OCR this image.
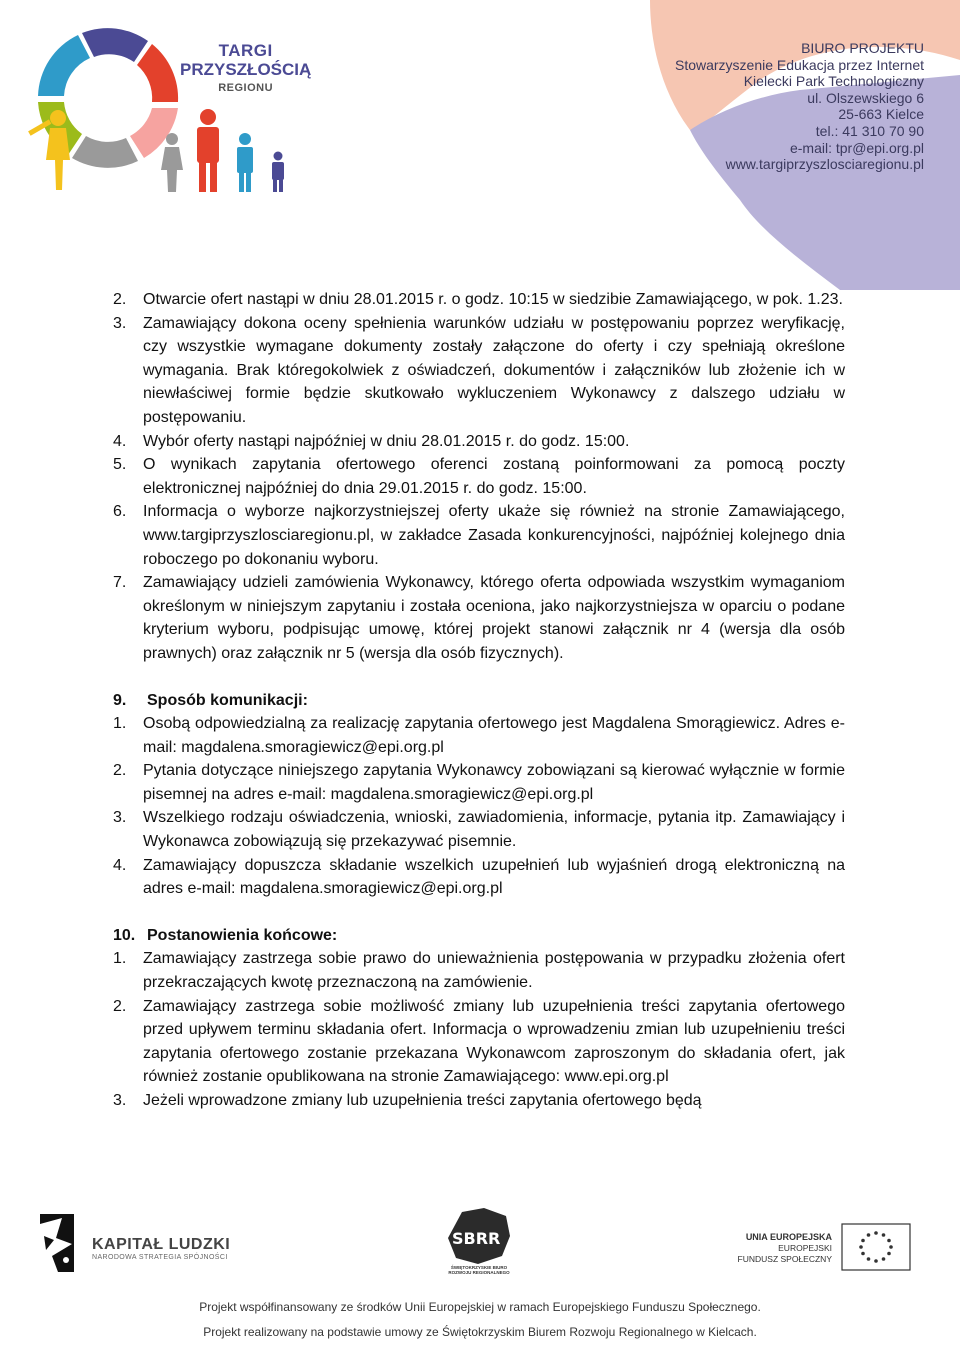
TARGI
PRZYSZŁOŚCIĄ
REGIONU
BIURO PROJEKTU
Stowarzyszenie Edukacja przez Internet
Kielecki Park Technologiczny
ul. Olszewskiego 6
25-663 Kielce
tel.: 41 310 70 90
e-mail: tpr@epi.org.pl
www.targiprzyszlosciaregionu.pl
2. Otwarcie ofert nastąpi w dniu 28.01.2015 r. o godz. 10:15 w siedzibie Zamawiającego, w pok. 1.23.
3. Zamawiający dokona oceny spełnienia warunków udziału w postępowaniu poprzez weryfikację, czy wszystkie wymagane dokumenty zostały załączone do oferty i czy spełniają określone wymagania. Brak któregokolwiek z oświadczeń, dokumentów i załączników lub złożenie ich w niewłaściwej formie będzie skutkowało wykluczeniem Wykonawcy z dalszego udziału w postępowaniu.
4. Wybór oferty nastąpi najpóźniej w dniu 28.01.2015 r. do godz. 15:00.
5. O wynikach zapytania ofertowego oferenci zostaną poinformowani za pomocą poczty elektronicznej najpóźniej do dnia 29.01.2015 r. do godz. 15:00.
6. Informacja o wyborze najkorzystniejszej oferty ukaże się również na stronie Zamawiającego, www.targiprzyszlosciaregionu.pl, w zakładce Zasada konkurencyjności, najpóźniej kolejnego dnia roboczego po dokonaniu wyboru.
7. Zamawiający udzieli zamówienia Wykonawcy, którego oferta odpowiada wszystkim wymaganiom określonym w niniejszym zapytaniu i została oceniona, jako najkorzystniejsza w oparciu o podane kryterium wyboru, podpisując umowę, której projekt stanowi załącznik nr 4 (wersja dla osób prawnych) oraz załącznik nr 5 (wersja dla osób fizycznych).
9. Sposób komunikacji:
1. Osobą odpowiedzialną za realizację zapytania ofertowego jest Magdalena Smorągiewicz. Adres e-mail: magdalena.smoragiewicz@epi.org.pl
2. Pytania dotyczące niniejszego zapytania Wykonawcy zobowiązani są kierować wyłącznie w formie pisemnej na adres e-mail: magdalena.smoragiewicz@epi.org.pl
3. Wszelkiego rodzaju oświadczenia, wnioski, zawiadomienia, informacje, pytania itp. Zamawiający i Wykonawca zobowiązują się przekazywać pisemnie.
4. Zamawiający dopuszcza składanie wszelkich uzupełnień lub wyjaśnień drogą elektroniczną na adres e-mail: magdalena.smoragiewicz@epi.org.pl
10. Postanowienia końcowe:
1. Zamawiający zastrzega sobie prawo do unieważnienia postępowania w przypadku złożenia ofert przekraczających kwotę przeznaczoną na zamówienie.
2. Zamawiający zastrzega sobie możliwość zmiany lub uzupełnienia treści zapytania ofertowego przed upływem terminu składania ofert. Informacja o wprowadzeniu zmian lub uzupełnieniu treści zapytania ofertowego zostanie przekazana Wykonawcom zaproszonym do składania ofert, jak również zostanie opublikowana na stronie Zamawiającego: www.epi.org.pl
3. Jeżeli wprowadzone zmiany lub uzupełnienia treści zapytania ofertowego będą
SBRR
KAPITAŁ LUDZKI
NARODOWA STRATEGIA SPÓJNOŚCI
ŚWIĘTOKRZYSKIE BIURO ROZWOJU REGIONALNEGO
UNIA EUROPEJSKA
EUROPEJSKI
FUNDUSZ SPOŁECZNY
Projekt współfinansowany ze środków Unii Europejskiej w ramach Europejskiego Funduszu Społecznego.
Projekt realizowany na podstawie umowy ze Świętokrzyskim Biurem Rozwoju Regionalnego w Kielcach.
